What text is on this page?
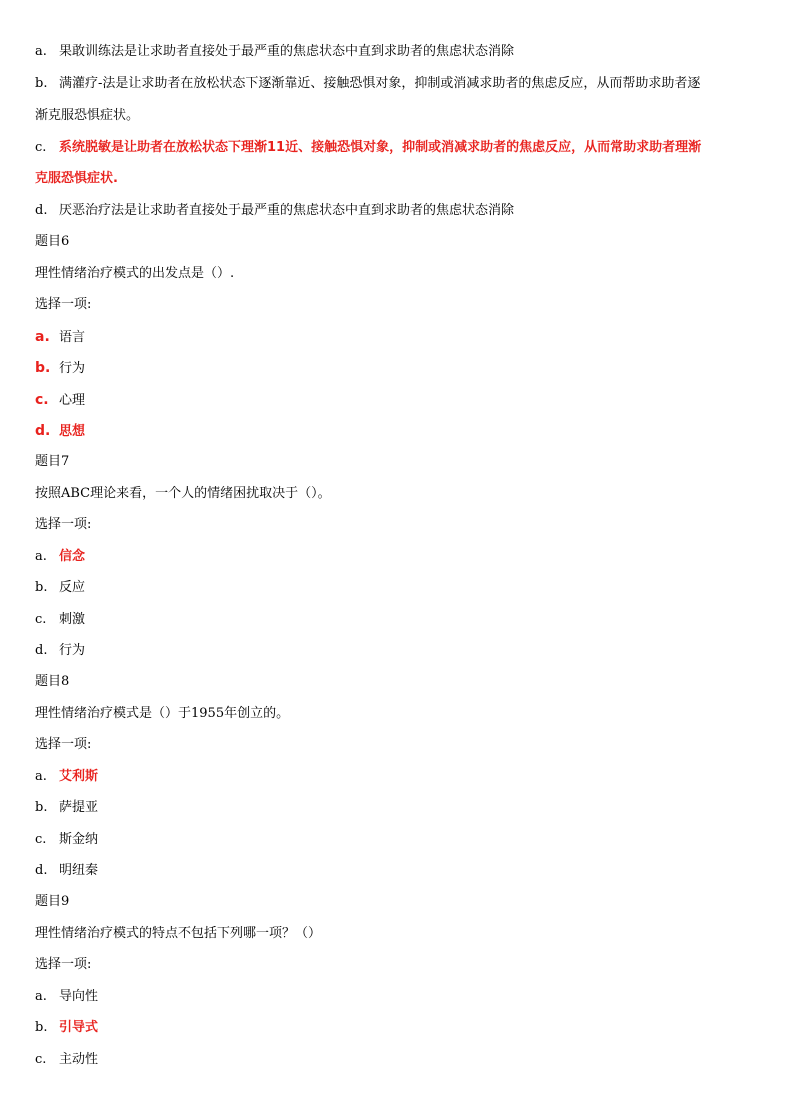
a. 果敢训练法是让求助者直接处于最严重的焦虑状态中直到求助者的焦虑状态消除
b. 满灌疗-法是让求助者在放松状态下逐渐靠近、接触恐惧对象，抑制或消减求助者的焦虑反应，从而帮助求助者逐
渐克服恐惧症状。
c. 系统脱敏是让助者在放松状态下理渐11近、接触恐惧对象，抑制或消减求助者的焦虑反应，从而常助求助者理渐
克服恐惧症状.
d. 厌恶治疗法是让求助者直接处于最严重的焦虑状态中直到求助者的焦虑状态消除
题目6
理性情绪治疗模式的出发点是（）.
选择一项:
a. 语言
b. 行为
c. 心理
d. 思想
题目7
按照ABC理论来看，一个人的情绪困扰取决于（）。
选择一项:
a. 信念
b. 反应
c. 刺激
d. 行为
题目8
理性情绪治疗模式是（）于1955年创立的。
选择一项:
a. 艾利斯
b. 萨提亚
c. 斯金纳
d. 明纽秦
题目9
理性情绪治疗模式的特点不包括下列哪一项？（）
选择一项:
a. 导向性
b. 引导式
c. 主动性
